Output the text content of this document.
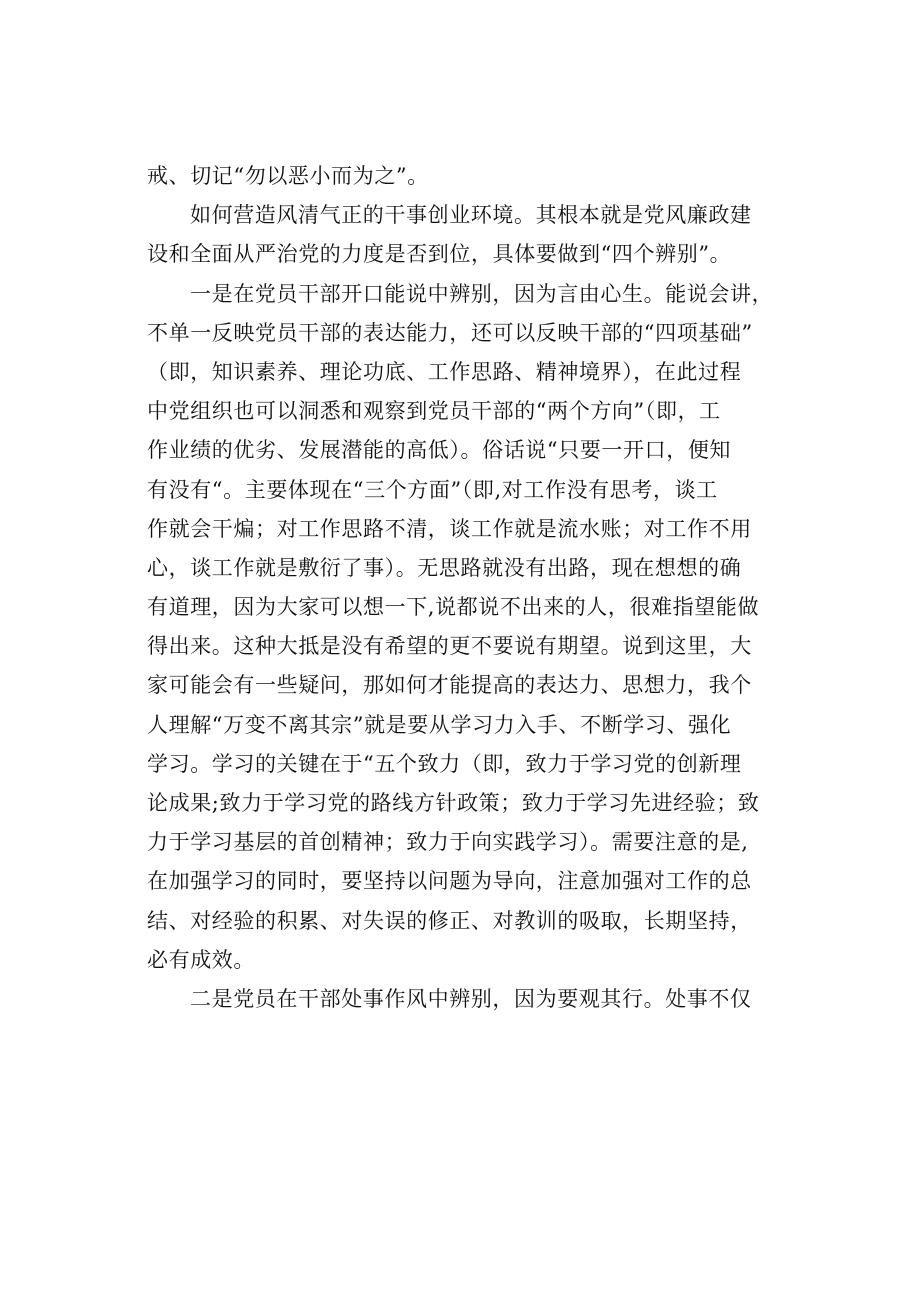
戒、切记“勿以恶小而为之”。
如何营造风清气正的干事创业环境。其根本就是党风廉政建
设和全面从严治党的力度是否到位，具体要做到“四个辨别”。
一是在党员干部开口能说中辨别，因为言由心生。能说会讲，
不单一反映党员干部的表达能力，还可以反映干部的“四项基础”
（即，知识素养、理论功底、工作思路、精神境界），在此过程
中党组织也可以洞悉和观察到党员干部的“两个方向”（即，工
作业绩的优劣、发展潜能的高低）。俗话说“只要一开口，便知
有没有“。主要体现在“三个方面”（即,对工作没有思考，谈工
作就会干煸；对工作思路不清，谈工作就是流水账；对工作不用
心，谈工作就是敷衍了事）。无思路就没有出路，现在想想的确
有道理，因为大家可以想一下,说都说不出来的人，很难指望能做
得出来。这种大抵是没有希望的更不要说有期望。说到这里，大
家可能会有一些疑问，那如何才能提高的表达力、思想力，我个
人理解“万变不离其宗”就是要从学习力入手、不断学习、强化
学习。学习的关键在于“五个致力（即，致力于学习党的创新理
论成果;致力于学习党的路线方针政策；致力于学习先进经验；致
力于学习基层的首创精神；致力于向实践学习）。需要注意的是,
在加强学习的同时，要坚持以问题为导向，注意加强对工作的总
结、对经验的积累、对失误的修正、对教训的吸取，长期坚持，
必有成效。
二是党员在干部处事作风中辨别，因为要观其行。处事不仅
